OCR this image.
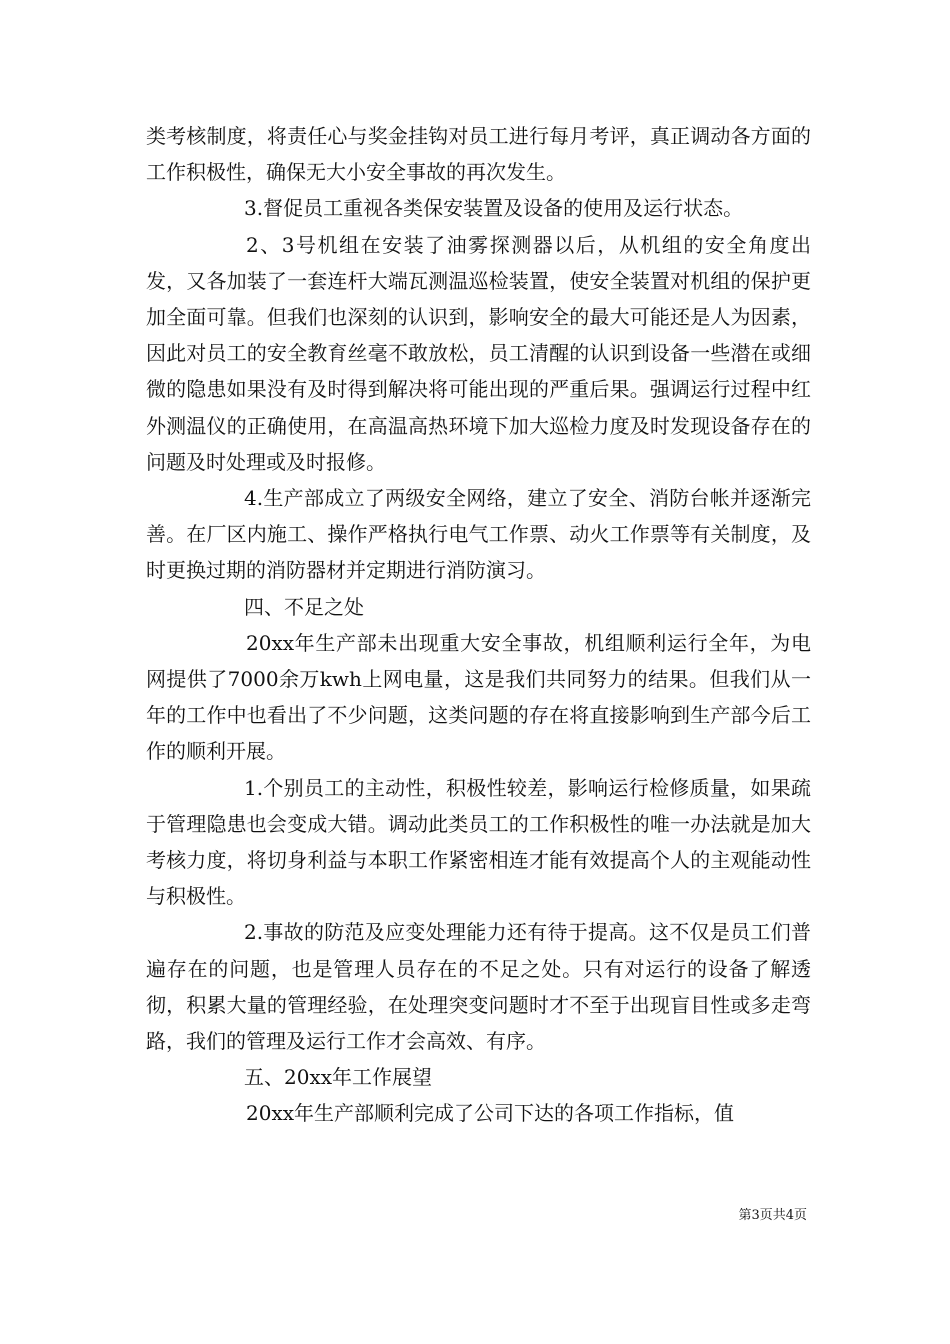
类考核制度，将责任心与奖金挂钩对员工进行每月考评，真正调动各方面的工作积极性，确保无大小安全事故的再次发生。

3.督促员工重视各类保安装置及设备的使用及运行状态。

2、3号机组在安装了油雾探测器以后，从机组的安全角度出发，又各加装了一套连杆大端瓦测温巡检装置，使安全装置对机组的保护更加全面可靠。但我们也深刻的认识到，影响安全的最大可能还是人为因素，因此对员工的安全教育丝毫不敢放松，员工清醒的认识到设备一些潜在或细微的隐患如果没有及时得到解决将可能出现的严重后果。强调运行过程中红外测温仪的正确使用，在高温高热环境下加大巡检力度及时发现设备存在的问题及时处理或及时报修。

4.生产部成立了两级安全网络，建立了安全、消防台帐并逐渐完善。在厂区内施工、操作严格执行电气工作票、动火工作票等有关制度，及时更换过期的消防器材并定期进行消防演习。

四、不足之处

20xx年生产部未出现重大安全事故，机组顺利运行全年，为电网提供了7000余万kwh上网电量，这是我们共同努力的结果。但我们从一年的工作中也看出了不少问题，这类问题的存在将直接影响到生产部今后工作的顺利开展。

1.个别员工的主动性，积极性较差，影响运行检修质量，如果疏于管理隐患也会变成大错。调动此类员工的工作积极性的唯一办法就是加大考核力度，将切身利益与本职工作紧密相连才能有效提高个人的主观能动性与积极性。

2.事故的防范及应变处理能力还有待于提高。这不仅是员工们普遍存在的问题，也是管理人员存在的不足之处。只有对运行的设备了解透彻，积累大量的管理经验，在处理突变问题时才不至于出现盲目性或多走弯路，我们的管理及运行工作才会高效、有序。

五、20xx年工作展望

20xx年生产部顺利完成了公司下达的各项工作指标，值

第3页共4页
